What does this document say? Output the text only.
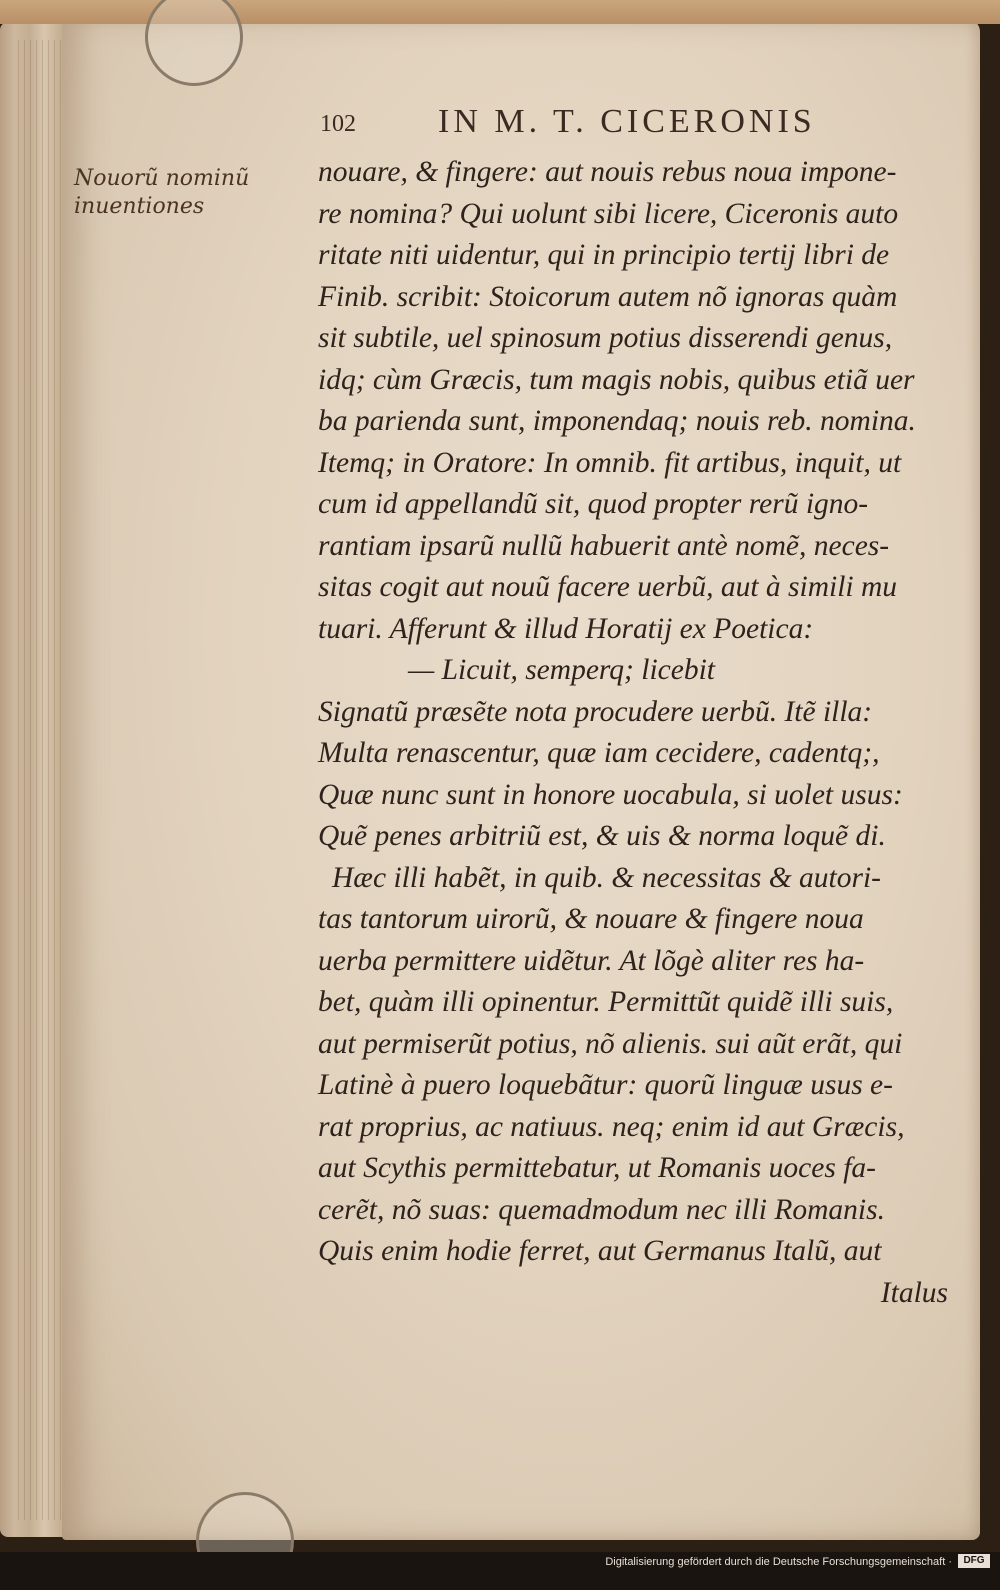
102 IN M. T. CICERONIS
Nouorũ nominũ
inuentiones
nouare, & fingere: aut nouis rebus noua impone-
re nomina? Qui uolunt sibi licere, Ciceronis auto
ritate niti uidentur, qui in principio tertij libri de
Finib. scribit: Stoicorum autem nõ ignoras quàm
sit subtile, uel spinosum potius disserendi genus,
idq; cùm Græcis, tum magis nobis, quibus etiã uer
ba parienda sunt, imponendaq; nouis reb. nomina.
Itemq; in Oratore: In omnib. fit artibus, inquit, ut
cum id appellandũ sit, quod propter rerũ igno-
rantiam ipsarũ nullũ habuerit antè nomẽ, neces-
sitas cogit aut nouũ facere uerbũ, aut à simili mu
tuari. Afferunt & illud Horatij ex Poetica:
— Licuit, semperq; licebit
Signatũ præsẽte nota procudere uerbũ. Itẽ illa:
Multa renascentur, quæ iam cecidere, cadentq;,
Quæ nunc sunt in honore uocabula, si uolet usus:
Quẽ penes arbitriũ est, & uis & norma loquẽ di.
Hæc illi habẽt, in quib. & necessitas & autori-
tas tantorum uirorũ, & nouare & fingere noua
uerba permittere uidẽtur. At lõgè aliter res ha-
bet, quàm illi opinentur. Permittũt quidẽ illi suis,
aut permiserũt potius, nõ alienis. sui aũt erãt, qui
Latinè à puero loquebãtur: quorũ linguæ usus e-
rat proprius, ac natiuus. neq; enim id aut Græcis,
aut Scythis permittebatur, ut Romanis uoces fa-
cerẽt, nõ suas: quemadmodum nec illi Romanis.
Quis enim hodie ferret, aut Germanus Italũ, aut
Italus
Digitalisierung gefördert durch die Deutsche Forschungsgemeinschaft ·	DFG
